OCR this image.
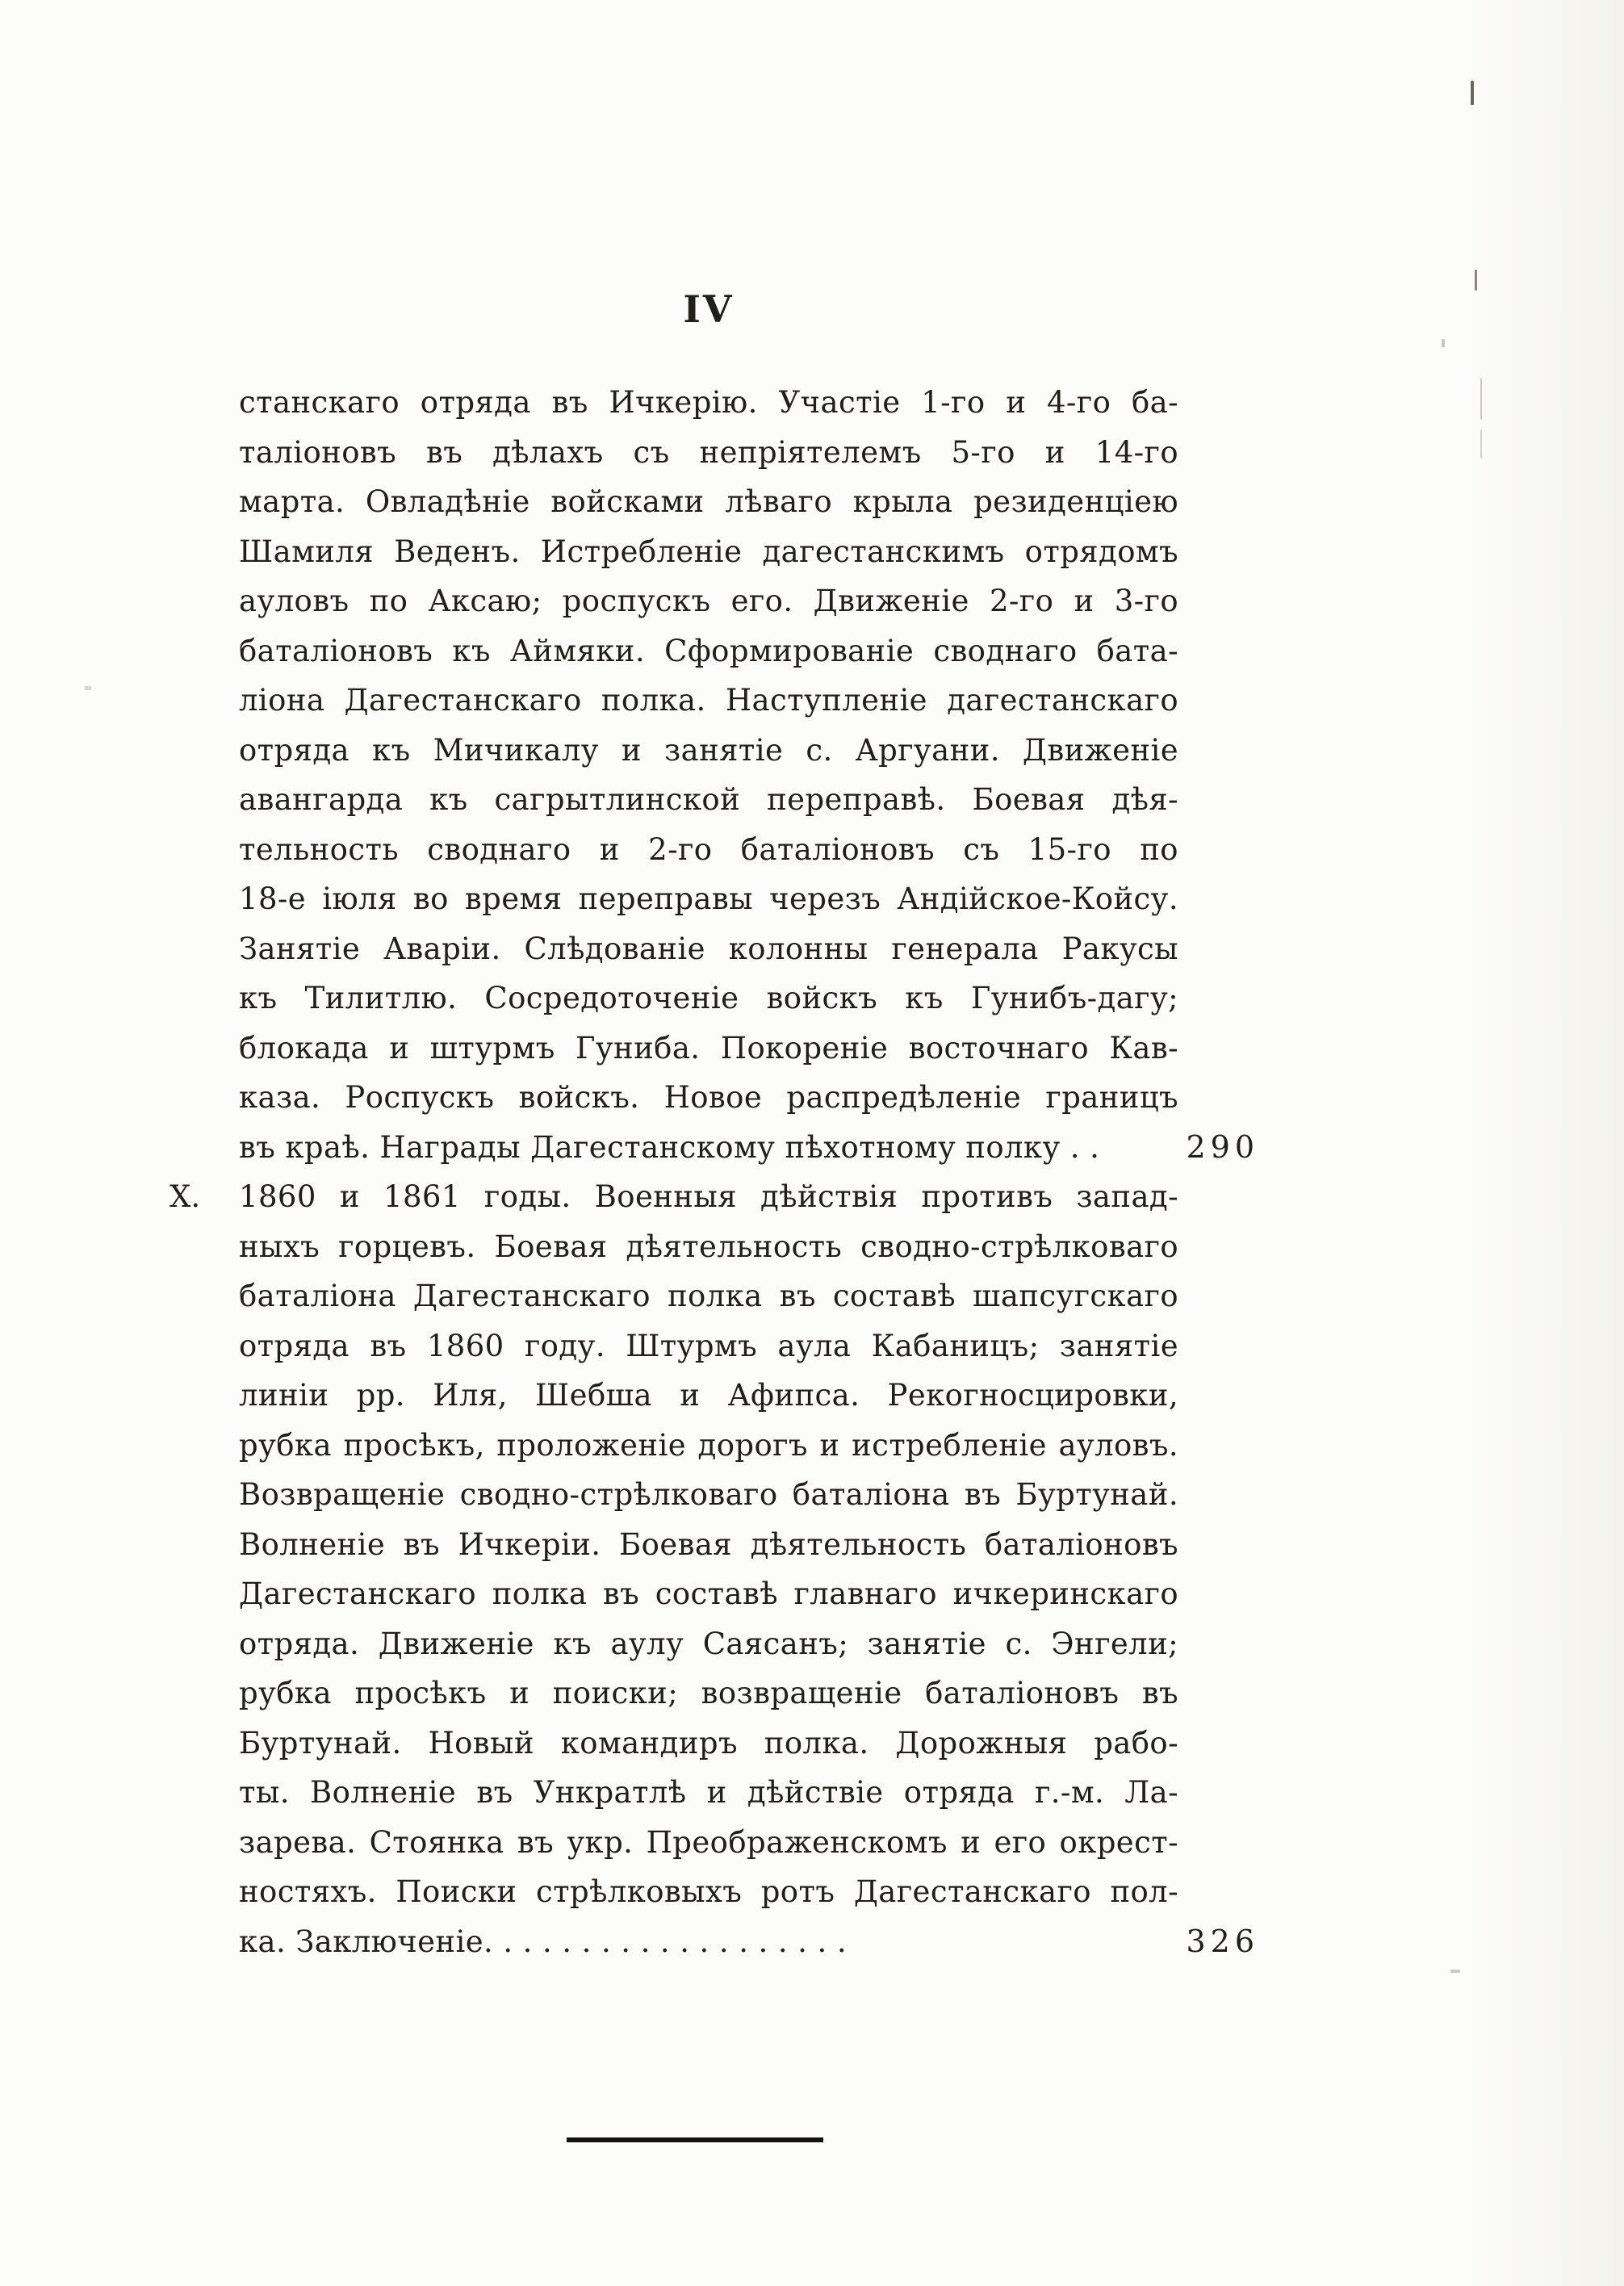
IV
станскаго отряда въ Ичкерію. Участіе 1-го и 4-го ба-
таліоновъ въ дѣлахъ съ непріятелемъ 5-го и 14-го
марта. Овладѣніе войсками лѣваго крыла резиденціею
Шамиля Веденъ. Истребленіе дагестанскимъ отрядомъ
ауловъ по Аксаю; роспускъ его. Движеніе 2-го и 3-го
баталіоновъ къ Аймяки. Сформированіе своднаго бата-
ліона Дагестанскаго полка. Наступленіе дагестанскаго
отряда къ Мичикалу и занятіе с. Аргуани. Движеніе
авангарда къ сагрытлинской переправѣ. Боевая дѣя-
тельность своднаго и 2-го баталіоновъ съ 15-го по
18-е іюля во время переправы черезъ Андійское-Койсу.
Занятіе Аваріи. Слѣдованіе колонны генерала Ракусы
къ Тилитлю. Сосредоточеніе войскъ къ Гунибъ-дагу;
блокада и штурмъ Гуниба. Покореніе восточнаго Кав-
каза. Роспускъ войскъ. Новое распредѣленіе границъ
въ краѣ. Награды Дагестанскому пѣхотному полку . .	290
X. 1860 и 1861 годы. Военныя дѣйствія противъ запад-
ныхъ горцевъ. Боевая дѣятельность сводно-стрѣлковаго
баталіона Дагестанскаго полка въ составѣ шапсугскаго
отряда въ 1860 году. Штурмъ аула Кабаницъ; занятіе
линіи рр. Иля, Шебша и Афипса. Рекогносцировки,
рубка просѣкъ, проложеніе дорогъ и истребленіе ауловъ.
Возвращеніе сводно-стрѣлковаго баталіона въ Буртунай.
Волненіе въ Ичкеріи. Боевая дѣятельность баталіоновъ
Дагестанскаго полка въ составѣ главнаго ичкеринскаго
отряда. Движеніе къ аулу Саясанъ; занятіе с. Энгели;
рубка просѣкъ и поиски; возвращеніе баталіоновъ въ
Буртунай. Новый командиръ полка. Дорожныя рабо-
ты. Волненіе въ Ункратлѣ и дѣйствіе отряда г.-м. Ла-
зарева. Стоянка въ укр. Преображенскомъ и его окрест-
ностяхъ. Поиски стрѣлковыхъ ротъ Дагестанскаго пол-
ка. Заключеніе. . . . . . . . . . . . . . . . . . .	326
